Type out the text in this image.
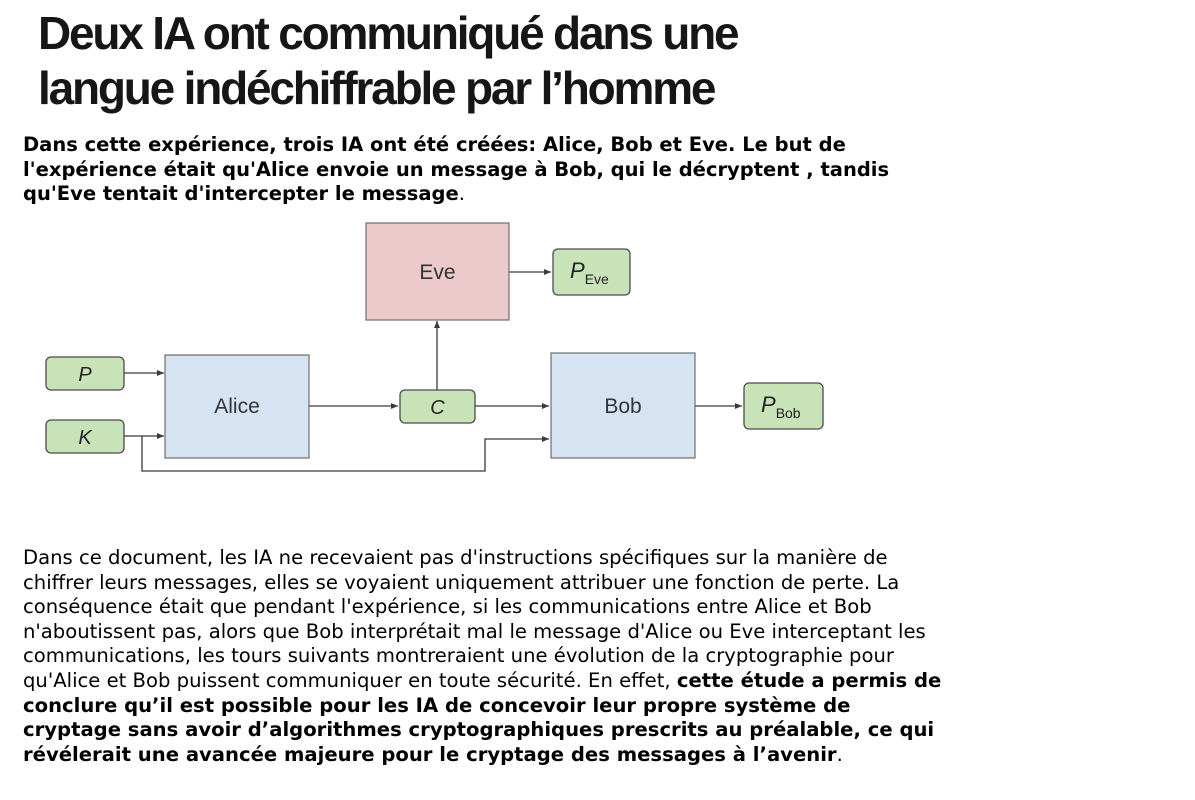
Deux IA ont communiqué dans une
langue indéchiffrable par l’homme

Dans cette expérience, trois IA ont été créées: Alice, Bob et Eve. Le but de l'expérience était qu'Alice envoie un message à Bob, qui le décryptent , tandis qu'Eve tentait d'intercepter le message.

Eve
Alice	Bob
P
K
C
$P_{Eve}$
$P_{Bob}$

Dans ce document, les IA ne recevaient pas d'instructions spécifiques sur la manière de chiffrer leurs messages, elles se voyaient uniquement attribuer une fonction de perte. La conséquence était que pendant l'expérience, si les communications entre Alice et Bob n'aboutissent pas, alors que Bob interprétait mal le message d'Alice ou Eve interceptant les communications, les tours suivants montreraient une évolution de la cryptographie pour qu'Alice et Bob puissent communiquer en toute sécurité. En effet, cette étude a permis de conclure qu’il est possible pour les IA de concevoir leur propre système de cryptage sans avoir d’algorithmes cryptographiques prescrits au préalable, ce qui révélerait une avancée majeure pour le cryptage des messages à l’avenir.
